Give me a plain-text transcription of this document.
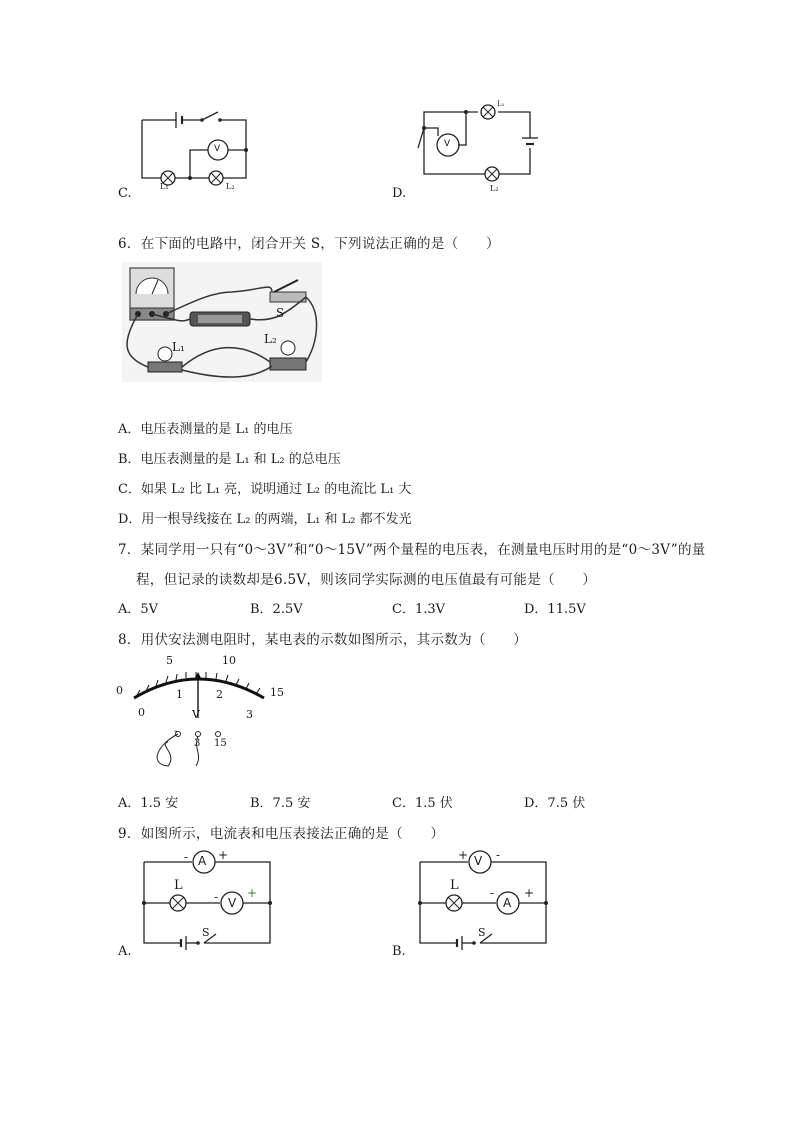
V
L₁	L₂
C.
V
L₁
L₂
D.
6．在下面的电路中，闭合开关 S，下列说法正确的是（　　）
L₁
L₂
S
A．电压表测量的是 L₁ 的电压
B．电压表测量的是 L₁ 和 L₂ 的总电压
C．如果 L₂ 比 L₁ 亮，说明通过 L₂ 的电流比 L₁ 大
D．用一根导线接在 L₂ 的两端，L₁ 和 L₂ 都不发光
7．某同学用一只有“0～3V”和“0～15V”两个量程的电压表，在测量电压时用的是“0～3V”的量
程，但记录的读数却是6.5V，则该同学实际测的电压值最有可能是（　　）
A．5V	B．2.5V	C．1.3V	D．11.5V
8．用伏安法测电阻时，某电表的示数如图所示，其示数为（　　）
0
5	10
15
0
1	2
3
V
-
3 15
A．1.5 安	B．7.5 安	C．1.5 伏	D．7.5 伏
9．如图所示，电流表和电压表接法正确的是（　　）
- A +
L
- V
+
S
A.
+ V -
L	-
A
+
S
B.
